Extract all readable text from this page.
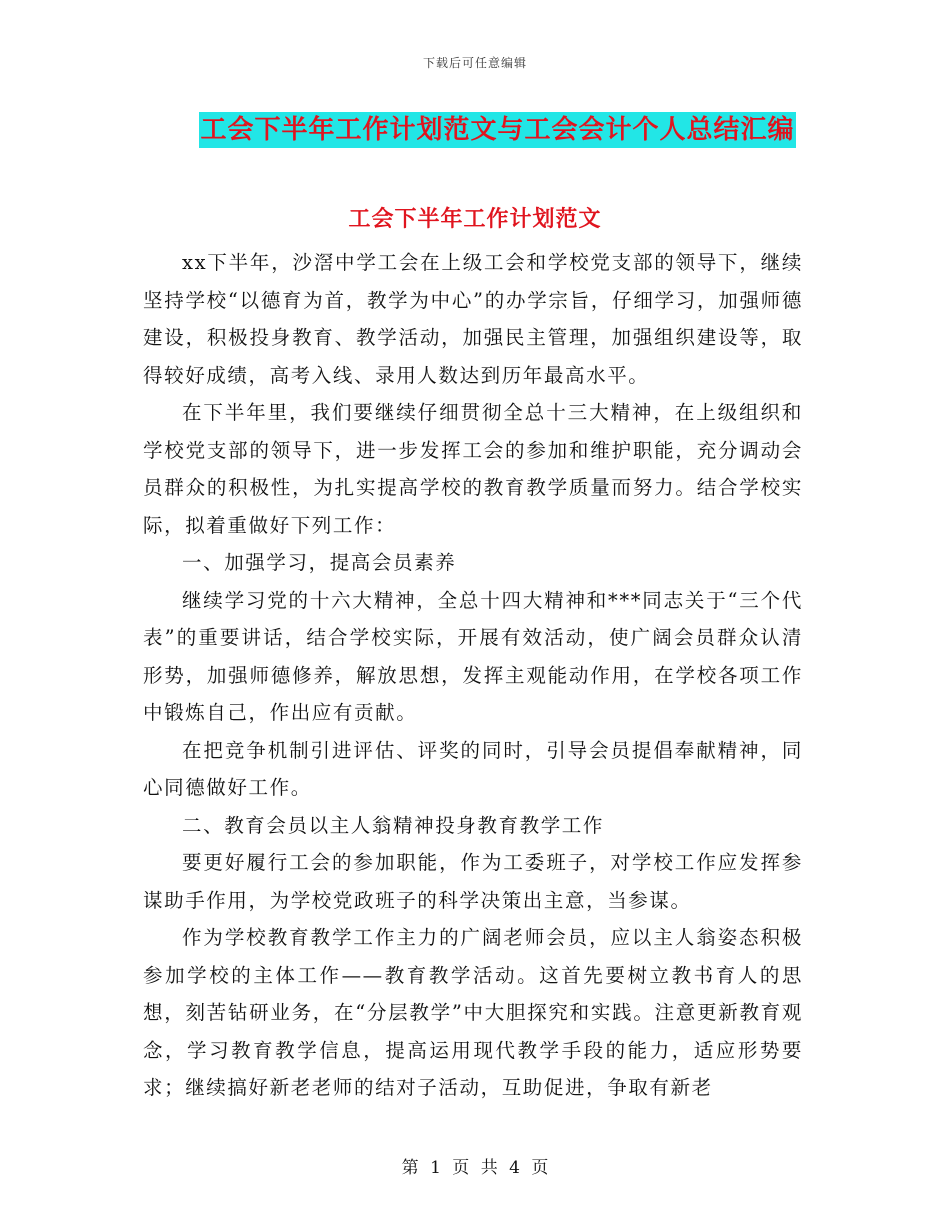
下载后可任意编辑
工会下半年工作计划范文与工会会计个人总结汇编
工会下半年工作计划范文

xx下半年，沙滘中学工会在上级工会和学校党支部的领导下，继续坚持学校“以德育为首，教学为中心”的办学宗旨，仔细学习，加强师德建设，积极投身教育、教学活动，加强民主管理，加强组织建设等，取得较好成绩，高考入线、录用人数达到历年最高水平。

在下半年里，我们要继续仔细贯彻全总十三大精神，在上级组织和学校党支部的领导下，进一步发挥工会的参加和维护职能，充分调动会员群众的积极性，为扎实提高学校的教育教学质量而努力。结合学校实际，拟着重做好下列工作：

一、加强学习，提高会员素养

继续学习党的十六大精神，全总十四大精神和***同志关于“三个代表”的重要讲话，结合学校实际，开展有效活动，使广阔会员群众认清形势，加强师德修养，解放思想，发挥主观能动作用，在学校各项工作中锻炼自己，作出应有贡献。

在把竞争机制引进评估、评奖的同时，引导会员提倡奉献精神，同心同德做好工作。

二、教育会员以主人翁精神投身教育教学工作

要更好履行工会的参加职能，作为工委班子，对学校工作应发挥参谋助手作用，为学校党政班子的科学决策出主意，当参谋。

作为学校教育教学工作主力的广阔老师会员，应以主人翁姿态积极参加学校的主体工作——教育教学活动。这首先要树立教书育人的思想，刻苦钻研业务，在“分层教学”中大胆探究和实践。注意更新教育观念，学习教育教学信息，提高运用现代教学手段的能力，适应形势要求；继续搞好新老老师的结对子活动，互助促进，争取有新老

第 1 页 共 4 页
